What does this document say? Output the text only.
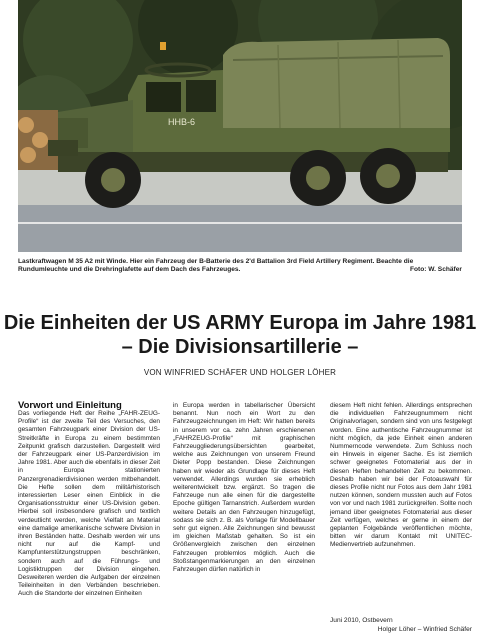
HHB-6
Lastkraftwagen M 35 A2 mit Winde. Hier ein Fahrzeug der B-Batterie des 2'd Battalion 3rd Field Artillery Regiment. Beachte die Rundumleuchte und die Drehringlafette auf dem Dach des Fahrzeuges.	Foto: W. Schäfer
Die Einheiten der US ARMY Europa im Jahre 1981
– Die Divisionsartillerie –
VON WINFRIED SCHÄFER UND HOLGER LÖHER
Vorwort und Einleitung

Das vorliegende Heft der Reihe „FAHR-ZEUG-Profile“ ist der zweite Teil des Versuches, den gesamten Fahrzeugpark einer Division der US-Streitkräfte in Europa zu einem bestimmten Zeitpunkt grafisch darzustellen. Dargestellt wird der Fahrzeugpark einer US-Panzerdivision im Jahre 1981. Aber auch die ebenfalls in dieser Zeit in Europa stationierten Panzergrenadierdivisionen werden mitbehandelt. Die Hefte sollen dem militärhistorisch interessierten Leser einen Einblick in die Organisationsstruktur einer US-Division geben. Hierbei soll insbesondere grafisch und textlich verdeutlicht werden, welche Vielfalt an Material eine damalige amerikanische schwere Division in ihren Beständen hatte. Deshalb werden wir uns nicht nur auf die Kampf- und Kampfunterstützungstruppen beschränken, sondern auch auf die Führungs- und Logistiktruppen der Division eingehen. Desweiteren werden die Aufgaben der einzelnen Teileinheiten in den Verbänden beschrieben. Auch die Standorte der einzelnen Einheiten

in Europa werden in tabellarischer Übersicht benannt. Nun noch ein Wort zu den Fahrzeugzeichnungen im Heft: Wir hatten bereits in unserem vor ca. zehn Jahren erschienenen „FAHRZEUG-Profile“ mit graphischen Fahrzeuggliederungsübersichten gearbeitet, welche aus Zeichnungen von unserem Freund Dieter Popp bestanden. Diese Zeichnungen haben wir wieder als Grundlage für dieses Heft verwendet. Allerdings wurden sie erheblich weiterentwickelt bzw. ergänzt. So tragen die Fahrzeuge nun alle einen für die dargestellte Epoche gültigen Tarnanstrich. Außerdem wurden weitere Details an den Fahrzeugen hinzugefügt, sodass sie sich z. B. als Vorlage für Modellbauer sehr gut eignen. Alle Zeichnungen sind bewusst im gleichen Maßstab gehalten. So ist ein Größenvergleich zwischen den einzelnen Fahrzeugen problemlos möglich. Auch die Stoßstangenmarkierungen an den einzelnen Fahrzeugen dürfen natürlich in

diesem Heft nicht fehlen. Allerdings entsprechen die individuellen Fahrzeugnummern nicht Originalvorlagen, sondern sind von uns festgelegt worden. Eine authentische Fahrzeugnummer ist nicht möglich, da jede Einheit einen anderen Nummerncode verwendete. Zum Schluss noch ein Hinweis in eigener Sache. Es ist ziemlich schwer geeignetes Fotomaterial aus der in diesen Heften behandelten Zeit zu bekommen. Deshalb haben wir bei der Fotoauswahl für dieses Profile nicht nur Fotos aus dem Jahr 1981 nutzen können, sondern mussten auch auf Fotos von vor und nach 1981 zurückgreifen. Sollte noch jemand über geeignetes Fotomaterial aus dieser Zeit verfügen, welches er gerne in einem der geplanten Folgebände veröffentlichen möchte, bitten wir darum Kontakt mit UNITEC-Medienvertrieb aufzunehmen.

Juni 2010, Ostbevern
Holger Löher – Winfried Schäfer
